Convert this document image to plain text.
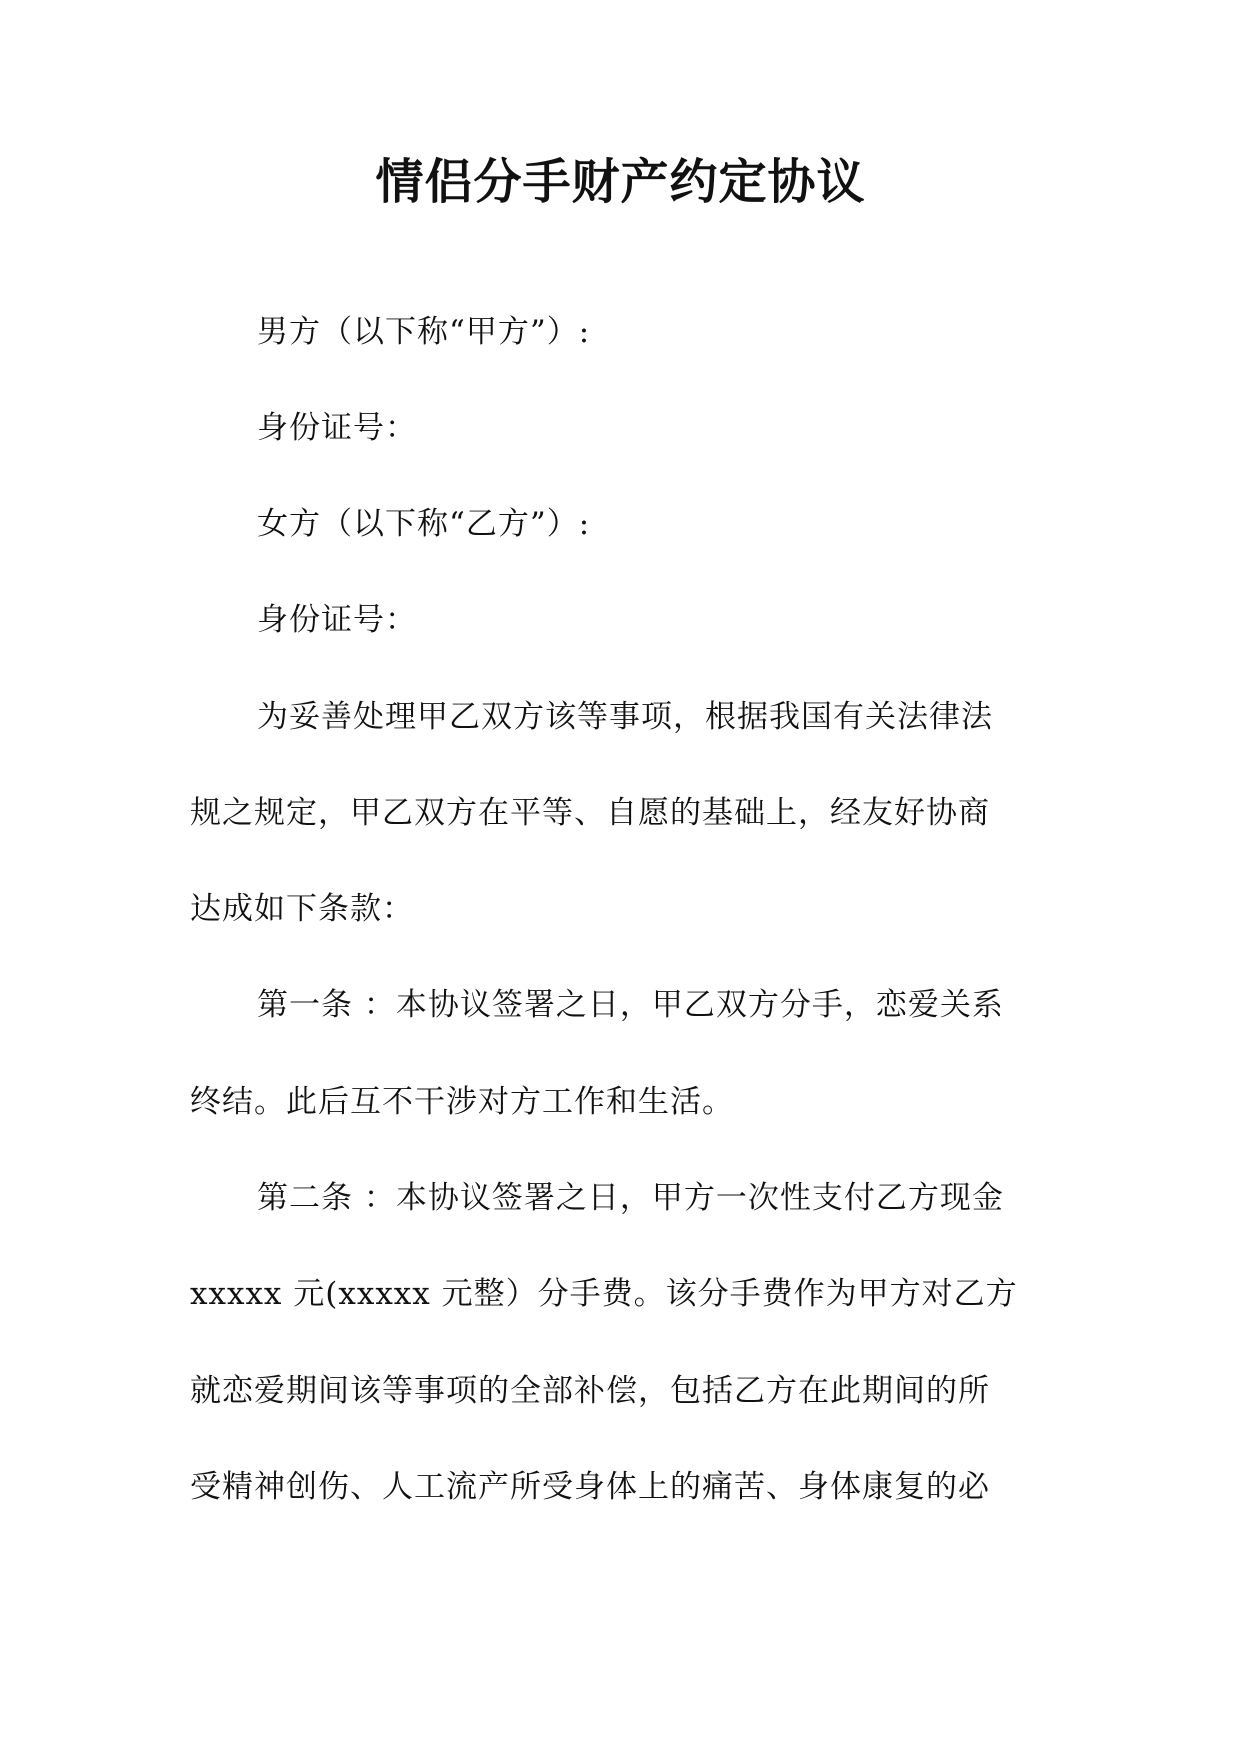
情侣分手财产约定协议
男方（以下称“甲方”）:
身份证号：
女方（以下称“乙方”）:
身份证号：
为妥善处理甲乙双方该等事项，根据我国有关法律法
规之规定，甲乙双方在平等、自愿的基础上，经友好协商
达成如下条款：
第一条 ：本协议签署之日，甲乙双方分手，恋爱关系
终结。此后互不干涉对方工作和生活。
第二条 ：本协议签署之日，甲方一次性支付乙方现金
xxxxx 元(xxxxx 元整）分手费。该分手费作为甲方对乙方
就恋爱期间该等事项的全部补偿，包括乙方在此期间的所
受精神创伤、人工流产所受身体上的痛苦、身体康复的必
